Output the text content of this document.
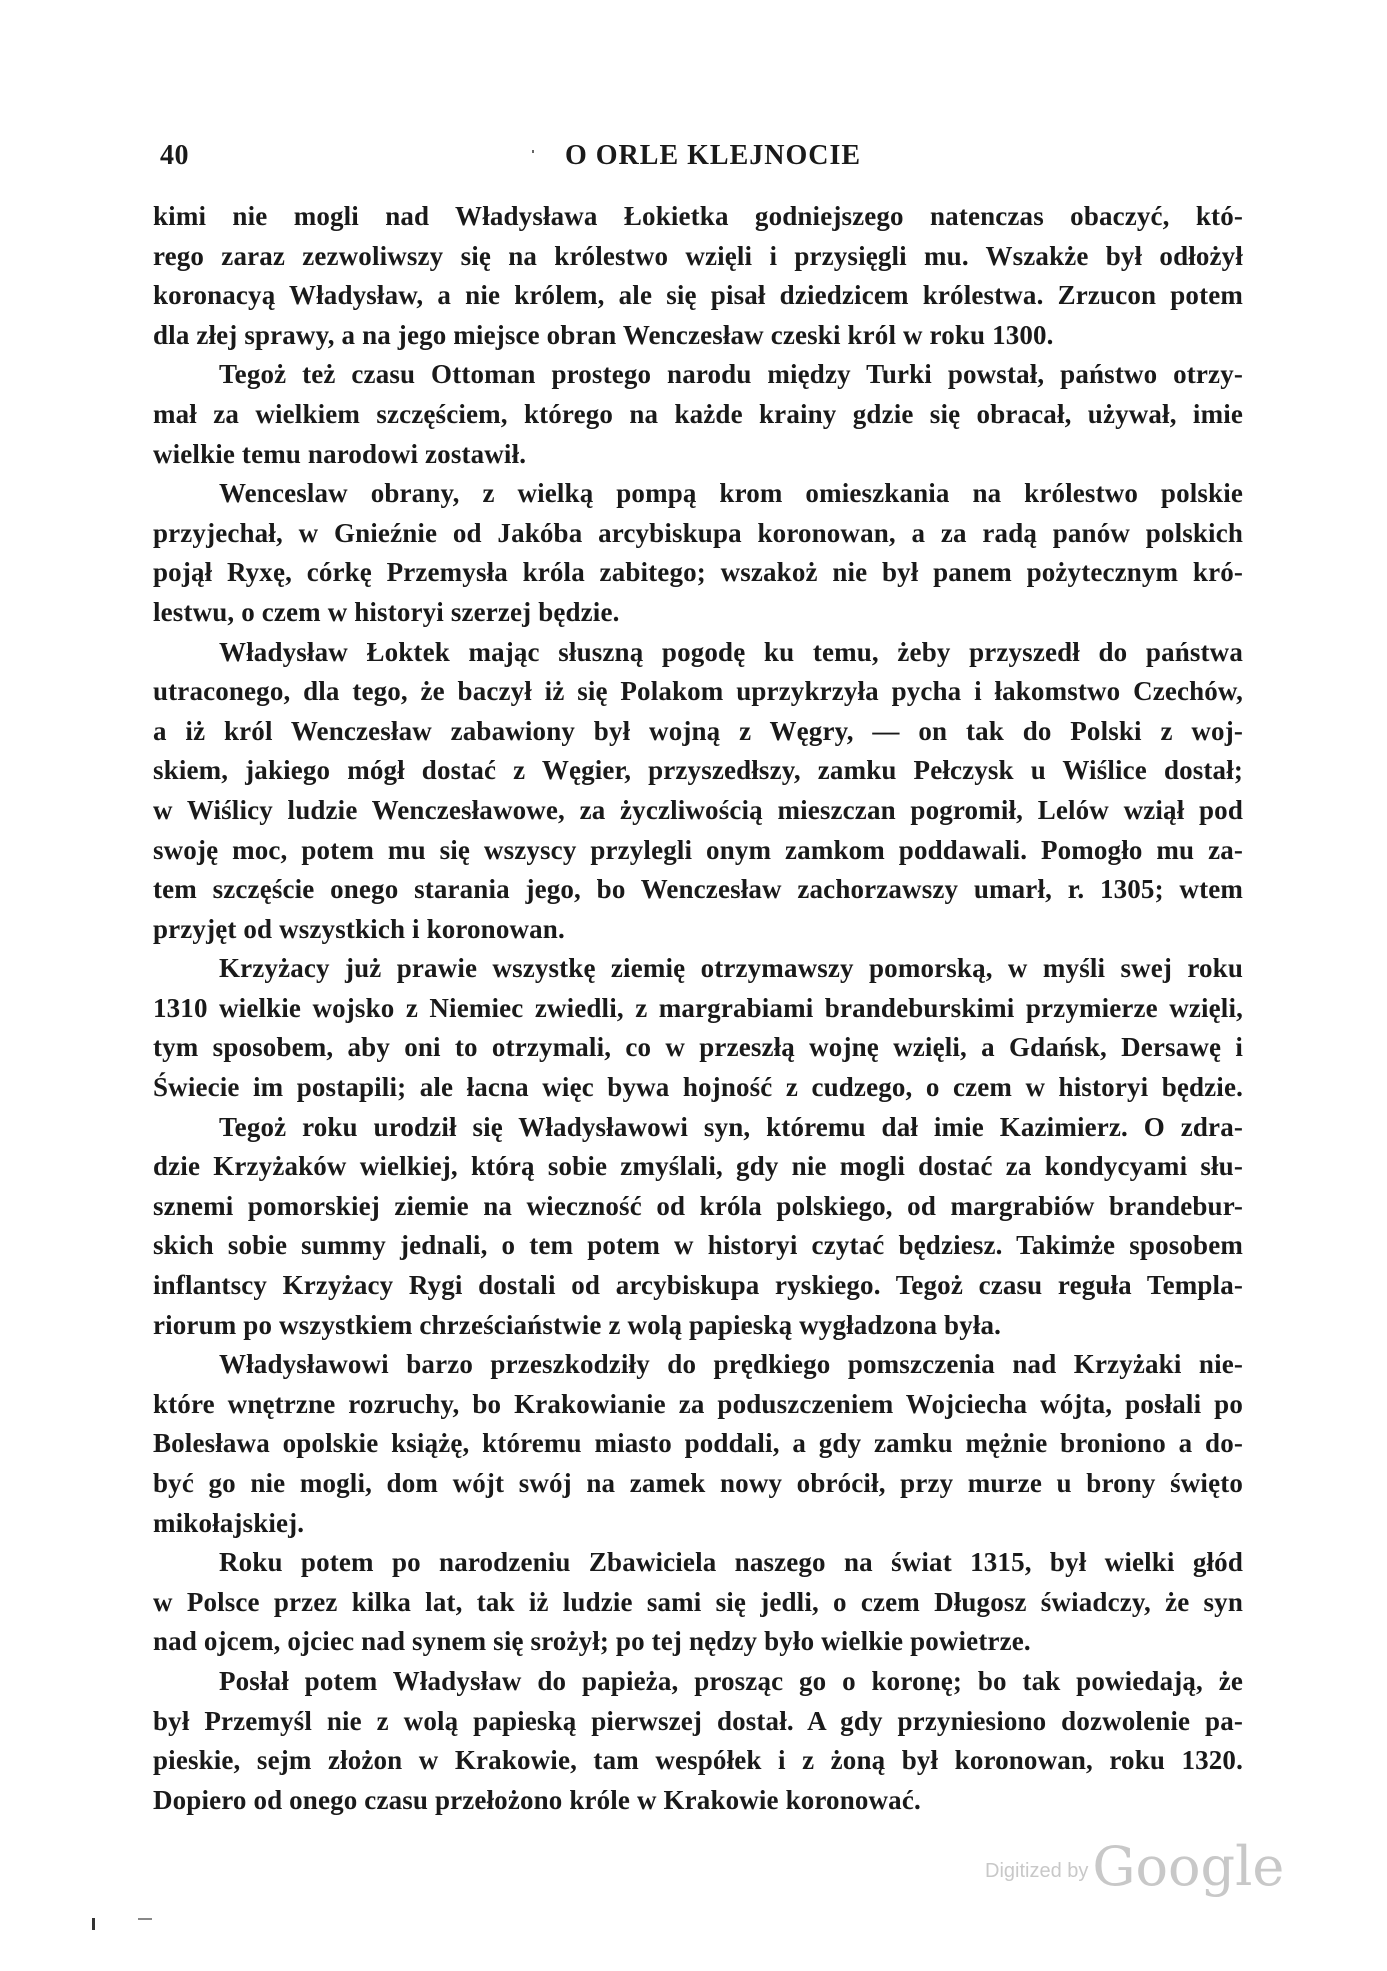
40	O ORLE KLEJNOCIE
kimi nie mogli nad Władysława Łokietka godniejszego natenczas obaczyć, któ-
rego zaraz zezwoliwszy się na królestwo wzięli i przysięgli mu. Wszakże był odłożył
koronacyą Władysław, a nie królem, ale się pisał dziedzicem królestwa. Zrzucon potem
dla złej sprawy, a na jego miejsce obran Wenczesław czeski król w roku 1300.
Tegoż też czasu Ottoman prostego narodu między Turki powstał, państwo otrzy-
mał za wielkiem szczęściem, którego na każde krainy gdzie się obracał, używał, imie
wielkie temu narodowi zostawił.
Wenceslaw obrany, z wielką pompą krom omieszkania na królestwo polskie
przyjechał, w Gnieźnie od Jakóba arcybiskupa koronowan, a za radą panów polskich
pojął Ryxę, córkę Przemysła króla zabitego; wszakoż nie był panem pożytecznym kró-
lestwu, o czem w historyi szerzej będzie.
Władysław Łoktek mając słuszną pogodę ku temu, żeby przyszedł do państwa
utraconego, dla tego, że baczył iż się Polakom uprzykrzyła pycha i łakomstwo Czechów,
a iż król Wenczesław zabawiony był wojną z Węgry, — on tak do Polski z woj-
skiem, jakiego mógł dostać z Węgier, przyszedłszy, zamku Pełczysk u Wiślice dostał;
w Wiślicy ludzie Wenczesławowe, za życzliwością mieszczan pogromił, Lelów wziął pod
swoję moc, potem mu się wszyscy przylegli onym zamkom poddawali. Pomogło mu za-
tem szczęście onego starania jego, bo Wenczesław zachorzawszy umarł, r. 1305; wtem
przyjęt od wszystkich i koronowan.
Krzyżacy już prawie wszystkę ziemię otrzymawszy pomorską, w myśli swej roku
1310 wielkie wojsko z Niemiec zwiedli, z margrabiami brandeburskimi przymierze wzięli,
tym sposobem, aby oni to otrzymali, co w przeszłą wojnę wzięli, a Gdańsk, Dersawę i
Świecie im postapili; ale łacna więc bywa hojność z cudzego, o czem w historyi będzie.
Tegoż roku urodził się Władysławowi syn, któremu dał imie Kazimierz. O zdra-
dzie Krzyżaków wielkiej, którą sobie zmyślali, gdy nie mogli dostać za kondycyami słu-
sznemi pomorskiej ziemie na wieczność od króla polskiego, od margrabiów brandebur-
skich sobie summy jednali, o tem potem w historyi czytać będziesz. Takimże sposobem
inflantscy Krzyżacy Rygi dostali od arcybiskupa ryskiego. Tegoż czasu reguła Templa-
riorum po wszystkiem chrześciaństwie z wolą papieską wygładzona była.
Władysławowi barzo przeszkodziły do prędkiego pomszczenia nad Krzyżaki nie-
które wnętrzne rozruchy, bo Krakowianie za poduszczeniem Wojciecha wójta, posłali po
Bolesława opolskie książę, któremu miasto poddali, a gdy zamku mężnie broniono a do-
być go nie mogli, dom wójt swój na zamek nowy obrócił, przy murze u brony święto
mikołajskiej.
Roku potem po narodzeniu Zbawiciela naszego na świat 1315, był wielki głód
w Polsce przez kilka lat, tak iż ludzie sami się jedli, o czem Długosz świadczy, że syn
nad ojcem, ojciec nad synem się srożył; po tej nędzy było wielkie powietrze.
Posłał potem Władysław do papieża, prosząc go o koronę; bo tak powiedają, że
był Przemyśl nie z wolą papieską pierwszej dostał. A gdy przyniesiono dozwolenie pa-
pieskie, sejm złożon w Krakowie, tam wespółek i z żoną był koronowan, roku 1320.
Dopiero od onego czasu przełożono króle w Krakowie koronować.
Digitized byGoogle
